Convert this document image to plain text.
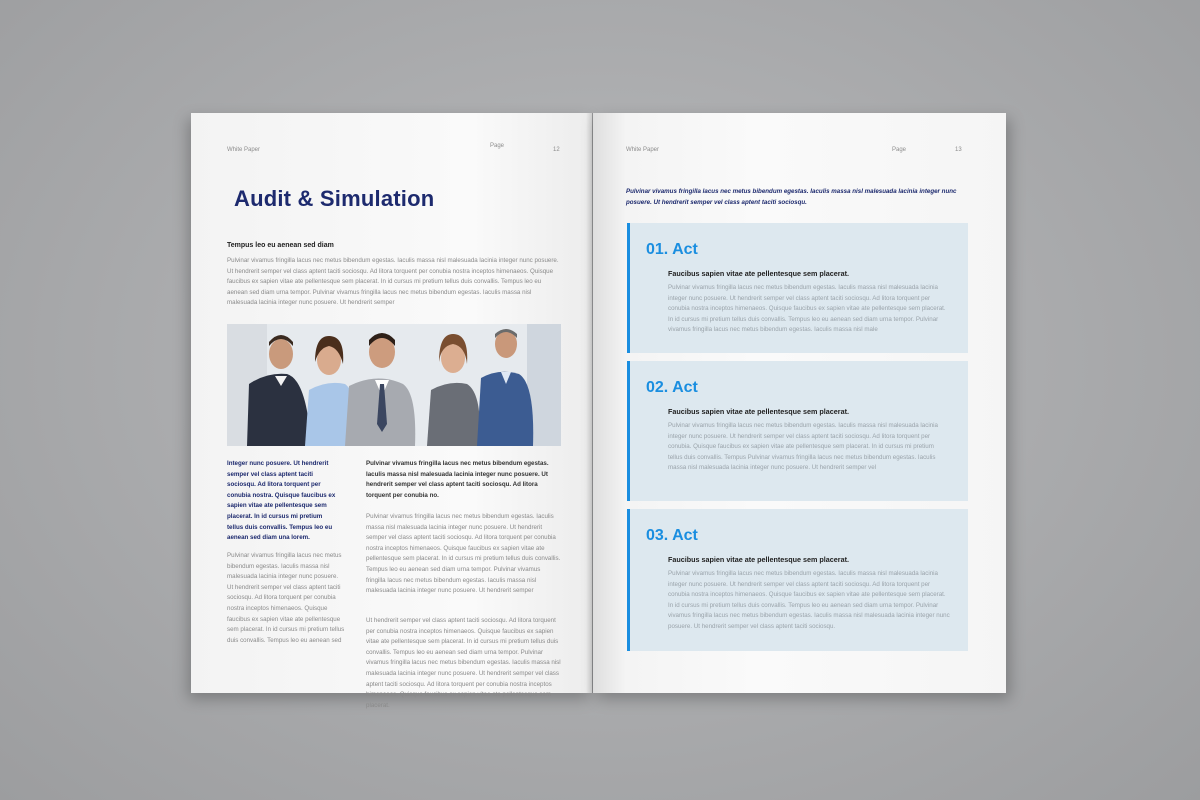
White Paper
Page
12
Audit & Simulation
Tempus leo eu aenean sed diam

Pulvinar vivamus fringilla lacus nec metus bibendum egestas. Iaculis massa nisl malesuada lacinia integer nunc posuere. Ut hendrerit semper vel class aptent taciti sociosqu. Ad litora torquent per conubia nostra inceptos himenaeos. Quisque faucibus ex sapien vitae ate pellentesque sem placerat. In id cursus mi pretium tellus duis convallis. Tempus leo eu aenean sed diam urna tempor. Pulvinar vivamus fringilla lacus nec metus bibendum egestas. Iaculis massa nisl malesuada lacinia integer nunc posuere. Ut hendrerit semper

Integer nunc posuere. Ut hendrerit semper vel class aptent taciti sociosqu. Ad litora torquent per conubia nostra. Quisque faucibus ex sapien vitae ate pellentesque sem placerat. In id cursus mi pretium tellus duis convallis. Tempus leo eu aenean sed diam una lorem.

Pulvinar vivamus fringilla lacus nec metus bibendum egestas. Iaculis massa nisl malesuada lacinia integer nunc posuere. Ut hendrerit semper vel class aptent taciti sociosqu. Ad litora torquent per conubia nostra inceptos himenaeos. Quisque faucibus ex sapien vitae ate pellentesque sem placerat. In id cursus mi pretium tellus duis convallis. Tempus leo eu aenean sed

Pulvinar vivamus fringilla lacus nec metus bibendum egestas. Iaculis massa nisl malesuada lacinia integer nunc posuere. Ut hendrerit semper vel class aptent taciti sociosqu. Ad litora torquent per conubia no.

Pulvinar vivamus fringilla lacus nec metus bibendum egestas. Iaculis massa nisl malesuada lacinia integer nunc posuere. Ut hendrerit semper vel class aptent taciti sociosqu. Ad litora torquent per conubia nostra inceptos himenaeos. Quisque faucibus ex sapien vitae ate pellentesque sem placerat. In id cursus mi pretium tellus duis convallis. Tempus leo eu aenean sed diam urna tempor. Pulvinar vivamus fringilla lacus nec metus bibendum egestas. Iaculis massa nisl malesuada lacinia integer nunc posuere. Ut hendrerit semper

Ut hendrerit semper vel class aptent taciti sociosqu. Ad litora torquent per conubia nostra inceptos himenaeos. Quisque faucibus ex sapien vitae ate pellentesque sem placerat. In id cursus mi pretium tellus duis convallis. Tempus leo eu aenean sed diam urna tempor. Pulvinar vivamus fringilla lacus nec metus bibendum egestas. Iaculis massa nisl malesuada lacinia integer nunc posuere. Ut hendrerit semper vel class aptent taciti sociosqu. Ad litora torquent per conubia nostra inceptos himenaeos. Quisque faucibus ex sapien vitae ate pellentesque sem placerat.

White Paper	Page	13

Pulvinar vivamus fringilla lacus nec metus bibendum egestas. Iaculis massa nisl malesuada lacinia integer nunc posuere. Ut hendrerit semper vel class aptent taciti sociosqu.

01. Act
Faucibus sapien vitae ate pellentesque sem placerat.

Pulvinar vivamus fringilla lacus nec metus bibendum egestas. Iaculis massa nisl malesuada lacinia integer nunc posuere. Ut hendrerit semper vel class aptent taciti sociosqu. Ad litora torquent per conubia nostra inceptos himenaeos. Quisque faucibus ex sapien vitae ate pellentesque sem placerat. In id cursus mi pretium tellus duis convallis. Tempus leo eu aenean sed diam urna tempor. Pulvinar vivamus fringilla lacus nec metus bibendum egestas. Iaculis massa nisl male

02. Act
Faucibus sapien vitae ate pellentesque sem placerat.

Pulvinar vivamus fringilla lacus nec metus bibendum egestas. Iaculis massa nisl malesuada lacinia integer nunc posuere. Ut hendrerit semper vel class aptent taciti sociosqu. Ad litora torquent per conubia. Quisque faucibus ex sapien vitae ate pellentesque sem placerat. In id cursus mi pretium tellus duis convallis. Tempus Pulvinar vivamus fringilla lacus nec metus bibendum egestas. Iaculis massa nisl malesuada lacinia integer nunc posuere. Ut hendrerit semper vel

03. Act
Faucibus sapien vitae ate pellentesque sem placerat.

Pulvinar vivamus fringilla lacus nec metus bibendum egestas. Iaculis massa nisl malesuada lacinia integer nunc posuere. Ut hendrerit semper vel class aptent taciti sociosqu. Ad litora torquent per conubia nostra inceptos himenaeos. Quisque faucibus ex sapien vitae ate pellentesque sem placerat. In id cursus mi pretium tellus duis convallis. Tempus leo eu aenean sed diam urna tempor. Pulvinar vivamus fringilla lacus nec metus bibendum egestas. Iaculis massa nisl malesuada lacinia integer nunc posuere. Ut hendrerit semper vel class aptent taciti sociosqu.
